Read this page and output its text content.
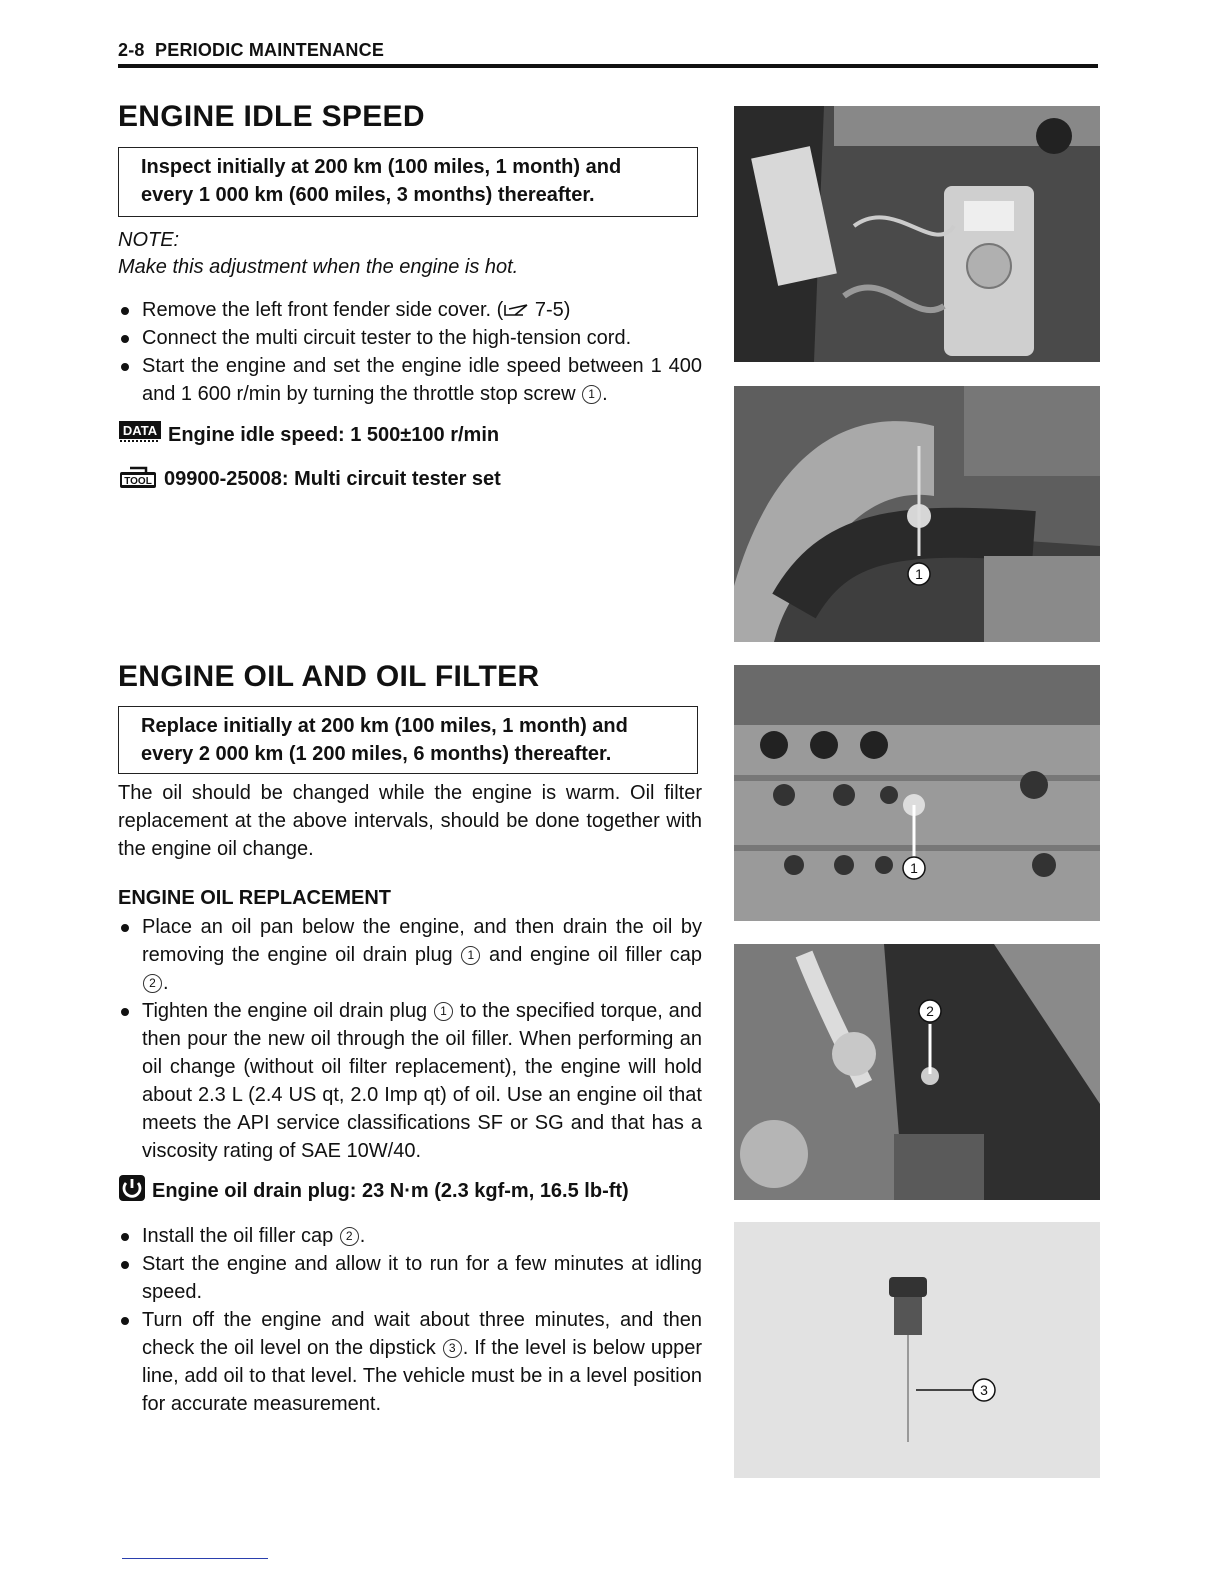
2-8 PERIODIC MAINTENANCE
ENGINE IDLE SPEED
Inspect initially at 200 km (100 miles, 1 month) and
every 1 000 km (600 miles, 3 months) thereafter.
NOTE:
Make this adjustment when the engine is hot.
Remove the left front fender side cover. ( 7-5)
Connect the multi circuit tester to the high-tension cord.
Start the engine and set the engine idle speed between 1 400 and 1 600 r/min by turning the throttle stop screw 1 .
DATA Engine idle speed: 1 500±100 r/min
TOOL 09900-25008: Multi circuit tester set
ENGINE OIL AND OIL FILTER
Replace initially at 200 km (100 miles, 1 month) and
every 2 000 km (1 200 miles, 6 months) thereafter.

The oil should be changed while the engine is warm. Oil filter replacement at the above intervals, should be done together with the engine oil change.

ENGINE OIL REPLACEMENT
Place an oil pan below the engine, and then drain the oil by removing the engine oil drain plug 1 and engine oil filler cap 2 .
Tighten the engine oil drain plug 1 to the specified torque, and then pour the new oil through the oil filler. When performing an oil change (without oil filter replacement), the engine will hold about 2.3 L (2.4 US qt, 2.0 Imp qt) of oil. Use an engine oil that meets the API service classifications SF or SG and that has a viscosity rating of SAE 10W/40.
Engine oil drain plug: 23 N·m (2.3 kgf-m, 16.5 lb-ft)
Install the oil filler cap 2 .
Start the engine and allow it to run for a few minutes at idling speed.
Turn off the engine and wait about three minutes, and then check the oil level on the dipstick 3 . If the level is below upper line, add oil to that level. The vehicle must be in a level position for accurate measurement.
1
1
2
3
